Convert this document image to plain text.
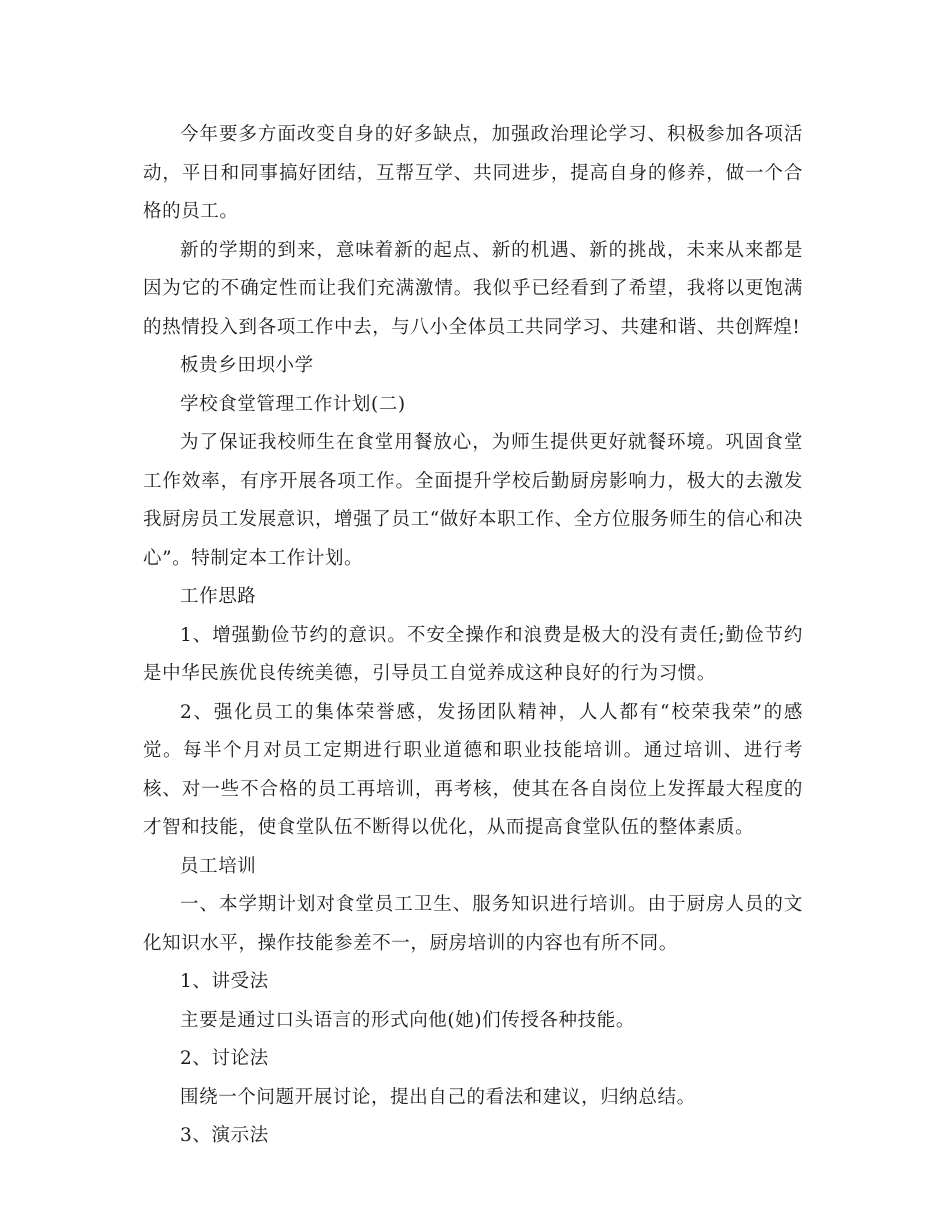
今年要多方面改变自身的好多缺点，加强政治理论学习、积极参加各项活动，平日和同事搞好团结，互帮互学、共同进步，提高自身的修养，做一个合格的员工。

新的学期的到来，意味着新的起点、新的机遇、新的挑战，未来从来都是因为它的不确定性而让我们充满激情。我似乎已经看到了希望，我将以更饱满的热情投入到各项工作中去，与八小全体员工共同学习、共建和谐、共创辉煌!

板贵乡田坝小学

学校食堂管理工作计划(二)

为了保证我校师生在食堂用餐放心，为师生提供更好就餐环境。巩固食堂工作效率，有序开展各项工作。全面提升学校后勤厨房影响力，极大的去激发我厨房员工发展意识，增强了员工“做好本职工作、全方位服务师生的信心和决心”。特制定本工作计划。

工作思路

1、增强勤俭节约的意识。不安全操作和浪费是极大的没有责任;勤俭节约是中华民族优良传统美德，引导员工自觉养成这种良好的行为习惯。

2、强化员工的集体荣誉感，发扬团队精神，人人都有“校荣我荣”的感觉。每半个月对员工定期进行职业道德和职业技能培训。通过培训、进行考核、对一些不合格的员工再培训，再考核，使其在各自岗位上发挥最大程度的才智和技能，使食堂队伍不断得以优化，从而提高食堂队伍的整体素质。

员工培训

一、本学期计划对食堂员工卫生、服务知识进行培训。由于厨房人员的文化知识水平，操作技能参差不一，厨房培训的内容也有所不同。

1、讲受法

主要是通过口头语言的形式向他(她)们传授各种技能。

2、讨论法

围绕一个问题开展讨论，提出自己的看法和建议，归纳总结。

3、演示法
